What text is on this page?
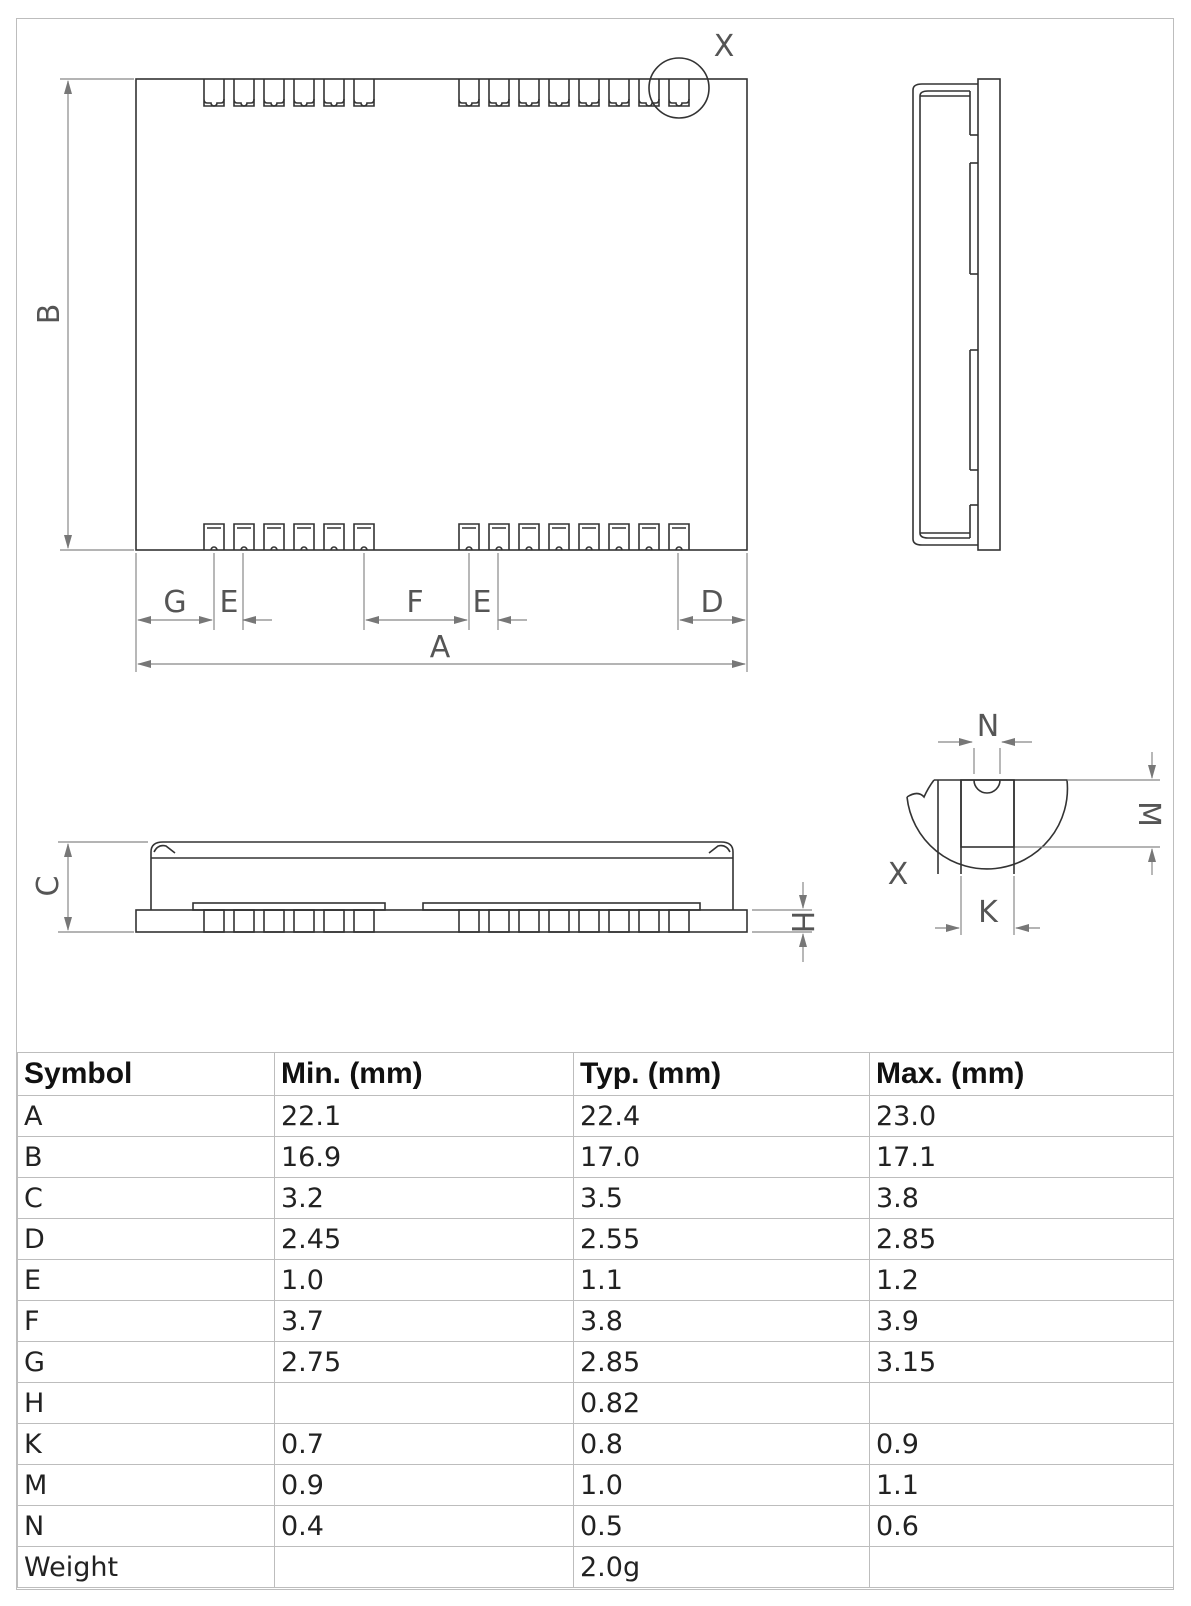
B
G E	F E	D
A
X
C
H
N
M
K
X
Symbol	Min. (mm)	Typ. (mm)	Max. (mm)
A	22.1	22.4	23.0
B	16.9	17.0	17.1
C	3.2	3.5	3.8
D	2.45	2.55	2.85
E	1.0	1.1	1.2
F	3.7	3.8	3.9
G	2.75	2.85	3.15
H		0.82	
K	0.7	0.8	0.9
M	0.9	1.0	1.1
N	0.4	0.5	0.6
Weight		2.0g	
